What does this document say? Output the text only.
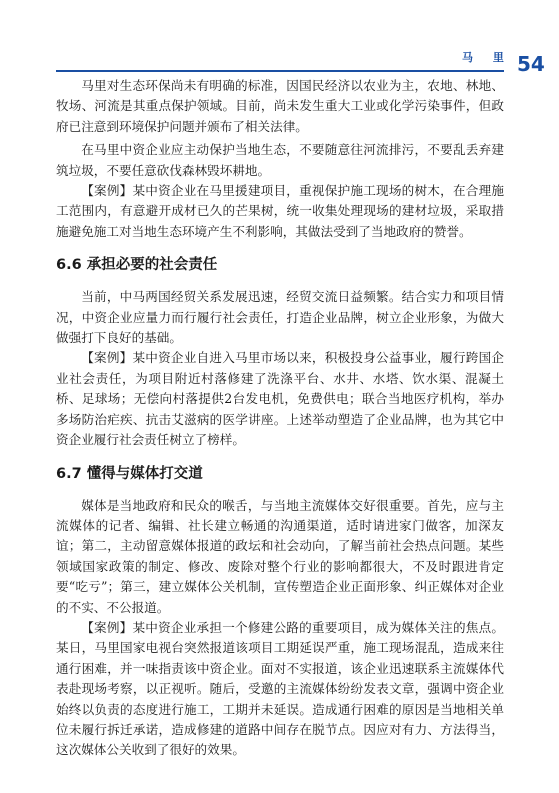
马 里 54

马里对生态环保尚未有明确的标准，因国民经济以农业为主，农地、林地、牧场、河流是其重点保护领域。目前，尚未发生重大工业或化学污染事件，但政府已注意到环境保护问题并颁布了相关法律。

在马里中资企业应主动保护当地生态，不要随意往河流排污，不要乱丢弃建筑垃圾，不要任意砍伐森林毁坏耕地。

【案例】某中资企业在马里援建项目，重视保护施工现场的树木，在合理施工范围内，有意避开成材已久的芒果树，统一收集处理现场的建材垃圾，采取措施避免施工对当地生态环境产生不利影响，其做法受到了当地政府的赞誉。

6.6 承担必要的社会责任

当前，中马两国经贸关系发展迅速，经贸交流日益频繁。结合实力和项目情况，中资企业应量力而行履行社会责任，打造企业品牌，树立企业形象，为做大做强打下良好的基础。

【案例】某中资企业自进入马里市场以来，积极投身公益事业，履行跨国企业社会责任，为项目附近村落修建了洗涤平台、水井、水塔、饮水渠、混凝土桥、足球场；无偿向村落提供2台发电机，免费供电；联合当地医疗机构，举办多场防治疟疾、抗击艾滋病的医学讲座。上述举动塑造了企业品牌，也为其它中资企业履行社会责任树立了榜样。

6.7 懂得与媒体打交道

媒体是当地政府和民众的喉舌，与当地主流媒体交好很重要。首先，应与主流媒体的记者、编辑、社长建立畅通的沟通渠道，适时请进家门做客，加深友谊；第二，主动留意媒体报道的政坛和社会动向，了解当前社会热点问题。某些领域国家政策的制定、修改、废除对整个行业的影响都很大，不及时跟进肯定要“吃亏”；第三，建立媒体公关机制，宣传塑造企业正面形象、纠正媒体对企业的不实、不公报道。

【案例】某中资企业承担一个修建公路的重要项目，成为媒体关注的焦点。某日，马里国家电视台突然报道该项目工期延误严重，施工现场混乱，造成来往通行困难，并一味指责该中资企业。面对不实报道，该企业迅速联系主流媒体代表赴现场考察，以正视听。随后，受邀的主流媒体纷纷发表文章，强调中资企业始终以负责的态度进行施工，工期并未延误。造成通行困难的原因是当地相关单位未履行拆迁承诺，造成修建的道路中间存在脱节点。因应对有力、方法得当，这次媒体公关收到了很好的效果。
